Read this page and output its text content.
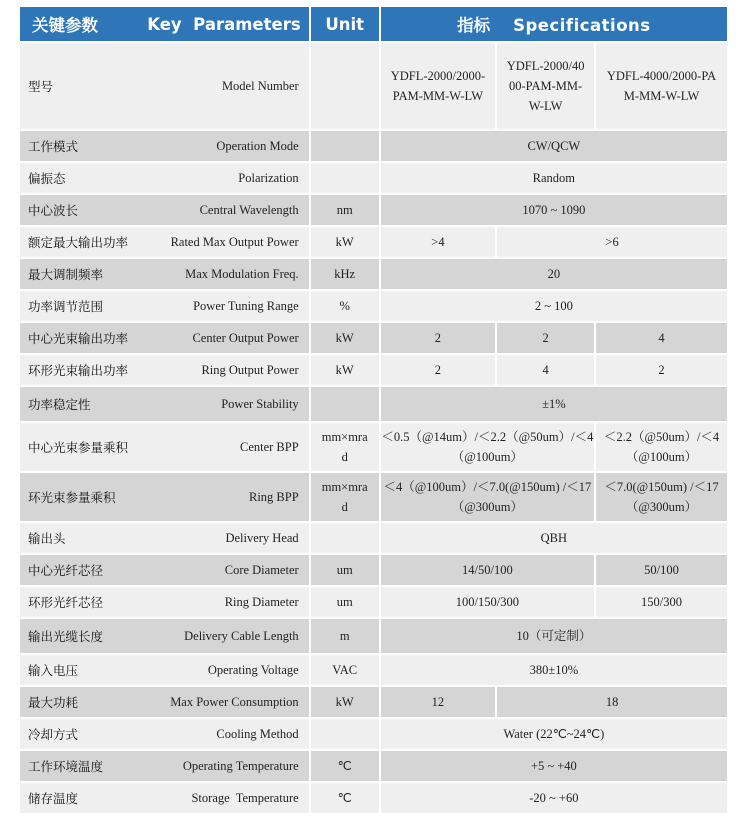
关键参数 Key  Parameters	Unit	指标 Specifications		

型号 Model Number		YDFL-2000/2000-PAM-MM-W-LW	YDFL-2000/4000-PAM-MM-W-LW	YDFL-4000/2000-PAM-MM-W-LW

工作模式 Operation Mode		CW/QCW		

偏振态 Polarization		Random		

中心波长 Central Wavelength	nm	1070 ~ 1090		

额定最大输出功率 Rated Max Output Power	kW	>4	>6	

最大调制频率 Max Modulation Freq.	kHz	20		

功率调节范围 Power Tuning Range	%	2 ~ 100		

中心光束输出功率 Center Output Power	kW	2	2	4

环形光束输出功率 Ring Output Power	kW	2	4	2

功率稳定性 Power Stability		±1%		

中心光束参量乘积 Center BPP	mm×mrad	＜0.5（@14um）/＜2.2（@50um）/＜4（@100um）		＜2.2（@50um）/＜4（@100um）

环光束参量乘积 Ring BPP	mm×mrad	＜4（@100um）/＜7.0(@150um) /＜17（@300um）		＜7.0(@150um) /＜17（@300um）

输出头 Delivery Head		QBH		

中心光纤芯径 Core Diameter	um	14/50/100		50/100

环形光纤芯径 Ring Diameter	um	100/150/300		150/300

输出光缆长度 Delivery Cable Length	m	10（可定制）		

输入电压 Operating Voltage	VAC	380±10%		

最大功耗 Max Power Consumption	kW	12	18	

冷却方式 Cooling Method		Water (22℃~24℃)		

工作环境温度 Operating Temperature	℃	+5 ~ +40		

储存温度 Storage  Temperature	℃	-20 ~ +60		
